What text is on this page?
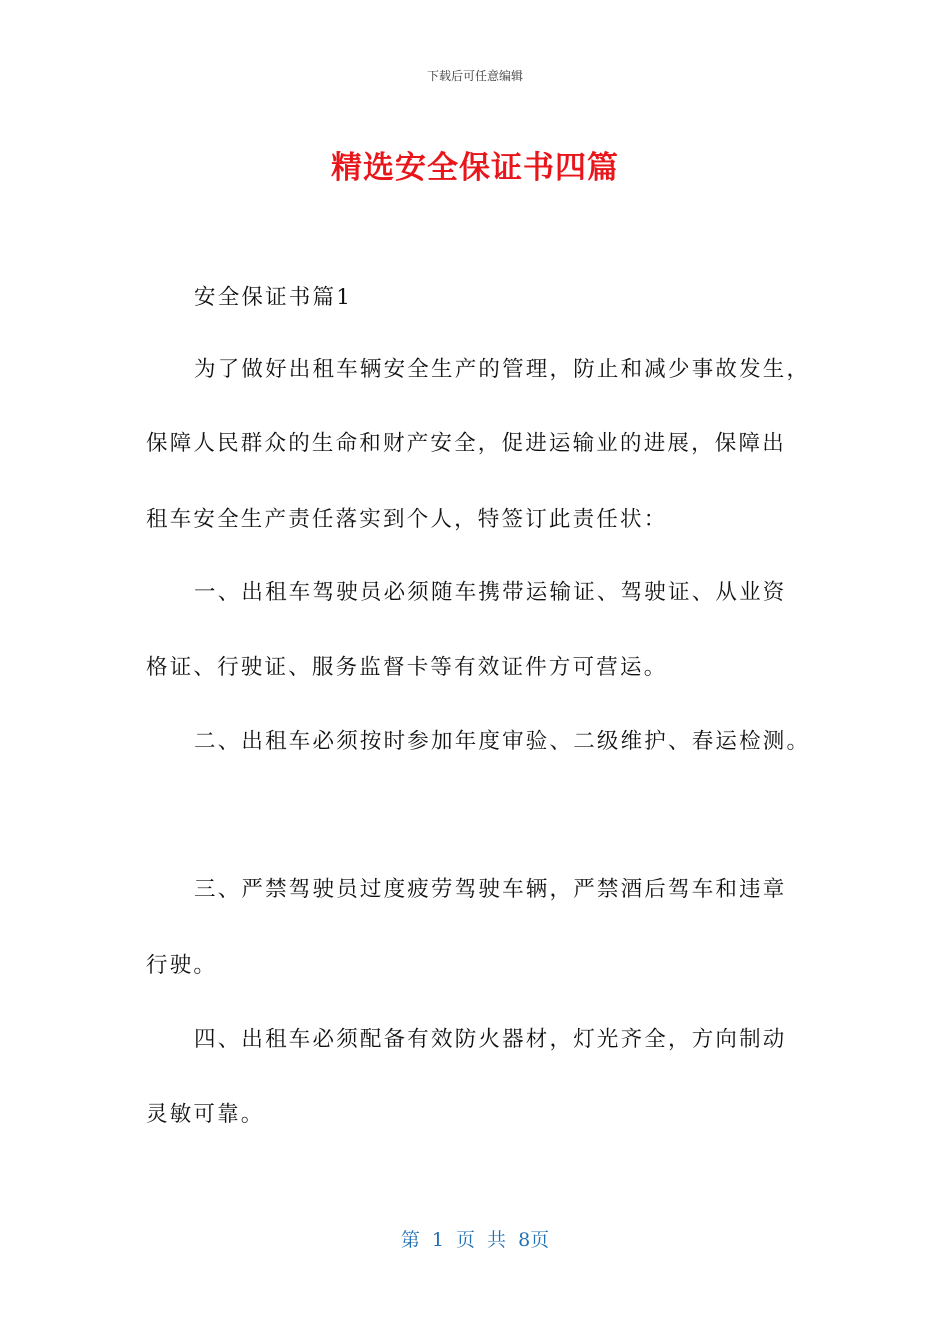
下载后可任意编辑
精选安全保证书四篇
安全保证书篇1
为了做好出租车辆安全生产的管理，防止和减少事故发生，
保障人民群众的生命和财产安全，促进运输业的进展，保障出
租车安全生产责任落实到个人，特签订此责任状：
一、出租车驾驶员必须随车携带运输证、驾驶证、从业资
格证、行驶证、服务监督卡等有效证件方可营运。
二、出租车必须按时参加年度审验、二级维护、春运检测。
三、严禁驾驶员过度疲劳驾驶车辆，严禁酒后驾车和违章
行驶。
四、出租车必须配备有效防火器材，灯光齐全，方向制动
灵敏可靠。
第 1 页 共 8页
